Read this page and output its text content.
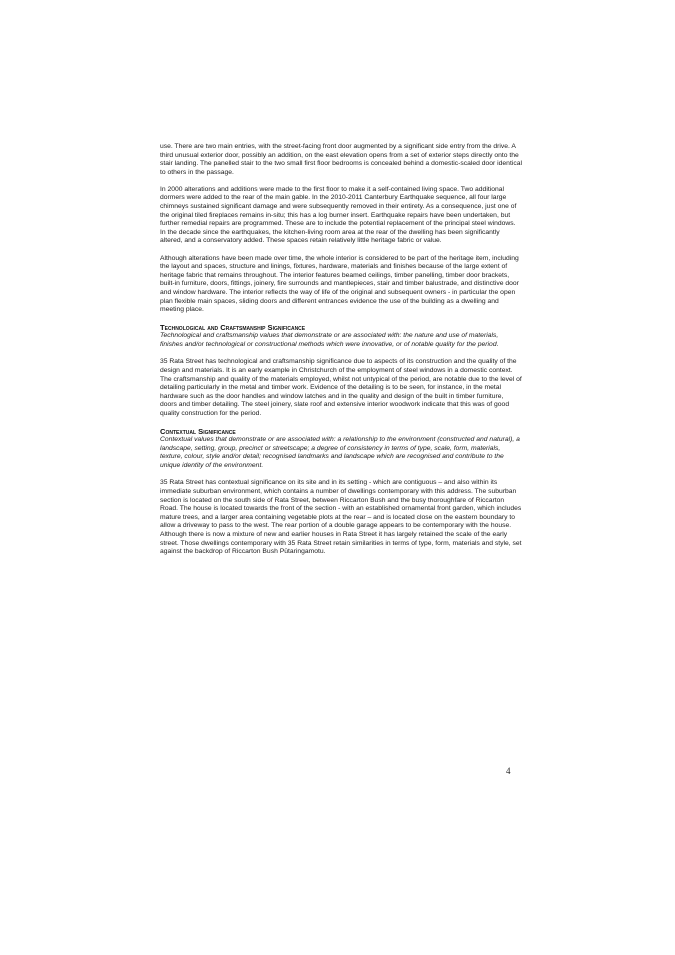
use. There are two main entries, with the street-facing front door augmented by a significant side entry from the drive. A third unusual exterior door, possibly an addition, on the east elevation opens from a set of exterior steps directly onto the stair landing. The panelled stair to the two small first floor bedrooms is concealed behind a domestic-scaled door identical to others in the passage.

In 2000 alterations and additions were made to the first floor to make it a self-contained living space. Two additional dormers were added to the rear of the main gable. In the 2010-2011 Canterbury Earthquake sequence, all four large chimneys sustained significant damage and were subsequently removed in their entirety. As a consequence, just one of the original tiled fireplaces remains in-situ; this has a log burner insert. Earthquake repairs have been undertaken, but further remedial repairs are programmed. These are to include the potential replacement of the principal steel windows. In the decade since the earthquakes, the kitchen-living room area at the rear of the dwelling has been significantly altered, and a conservatory added. These spaces retain relatively little heritage fabric or value.

Although alterations have been made over time, the whole interior is considered to be part of the heritage item, including the layout and spaces, structure and linings, fixtures, hardware, materials and finishes because of the large extent of heritage fabric that remains throughout. The interior features beamed ceilings, timber panelling, timber door brackets, built-in furniture, doors, fittings, joinery, fire surrounds and mantlepieces, stair and timber balustrade, and distinctive door and window hardware. The interior reflects the way of life of the original and subsequent owners - in particular the open plan flexible main spaces, sliding doors and different entrances evidence the use of the building as a dwelling and meeting place.

Technological and Craftsmanship Significance

Technological and craftsmanship values that demonstrate or are associated with: the nature and use of materials, finishes and/or technological or constructional methods which were innovative, or of notable quality for the period.

35 Rata Street has technological and craftsmanship significance due to aspects of its construction and the quality of the design and materials. It is an early example in Christchurch of the employment of steel windows in a domestic context. The craftsmanship and quality of the materials employed, whilst not untypical of the period, are notable due to the level of detailing particularly in the metal and timber work. Evidence of the detailing is to be seen, for instance, in the metal hardware such as the door handles and window latches and in the quality and design of the built in timber furniture, doors and timber detailing. The steel joinery, slate roof and extensive interior woodwork indicate that this was of good quality construction for the period.

Contextual Significance

Contextual values that demonstrate or are associated with: a relationship to the environment (constructed and natural), a landscape, setting, group, precinct or streetscape; a degree of consistency in terms of type, scale, form, materials, texture, colour, style and/or detail; recognised landmarks and landscape which are recognised and contribute to the unique identity of the environment.

35 Rata Street has contextual significance on its site and in its setting - which are contiguous – and also within its immediate suburban environment, which contains a number of dwellings contemporary with this address. The suburban section is located on the south side of Rata Street, between Riccarton Bush and the busy thoroughfare of Riccarton Road. The house is located towards the front of the section - with an established ornamental front garden, which includes mature trees, and a larger area containing vegetable plots at the rear – and is located close on the eastern boundary to allow a driveway to pass to the west. The rear portion of a double garage appears to be contemporary with the house. Although there is now a mixture of new and earlier houses in Rata Street it has largely retained the scale of the early street. Those dwellings contemporary with 35 Rata Street retain similarities in terms of type, form, materials and style, set against the backdrop of Riccarton Bush Pūtaringamotu.

4
